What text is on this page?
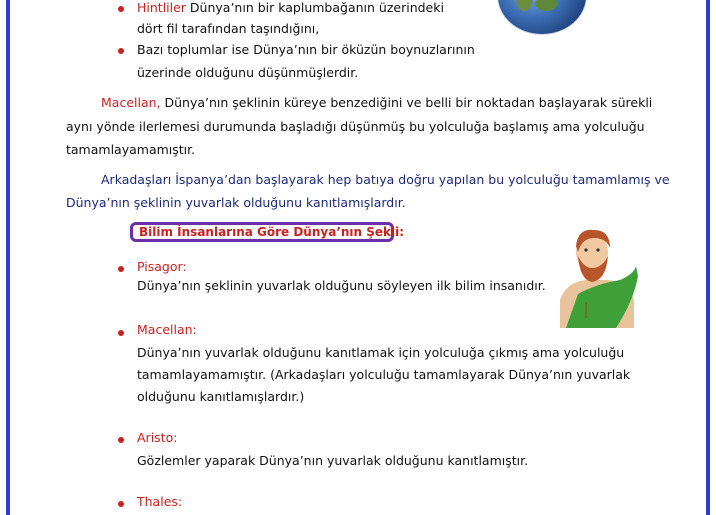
Hintliler Dünya’nın bir kaplumbağanın üzerindeki
dört fil tarafından taşındığını,
Bazı toplumlar ise Dünya’nın bir öküzün boynuzlarının
üzerinde olduğunu düşünmüşlerdir.
Macellan, Dünya’nın şeklinin küreye benzediğini ve belli bir noktadan başlayarak sürekli
aynı yönde ilerlemesi durumunda başladığı düşünmüş bu yolculuğa başlamış ama yolculuğu
tamamlayamamıştır.
Arkadaşları İspanya’dan başlayarak hep batıya doğru yapılan bu yolculuğu tamamlamış ve
Dünya’nın şeklinin yuvarlak olduğunu kanıtlamışlardır.
Bilim İnsanlarına Göre Dünya’nın Şekli:
Pisagor:
Dünya’nın şeklinin yuvarlak olduğunu söyleyen ilk bilim insanıdır.
Macellan:
Dünya’nın yuvarlak olduğunu kanıtlamak için yolculuğa çıkmış ama yolculuğu
tamamlayamamıştır. (Arkadaşları yolculuğu tamamlayarak Dünya’nın yuvarlak
olduğunu kanıtlamışlardır.)
Aristo:
Gözlemler yaparak Dünya’nın yuvarlak olduğunu kanıtlamıştır.
Thales:
